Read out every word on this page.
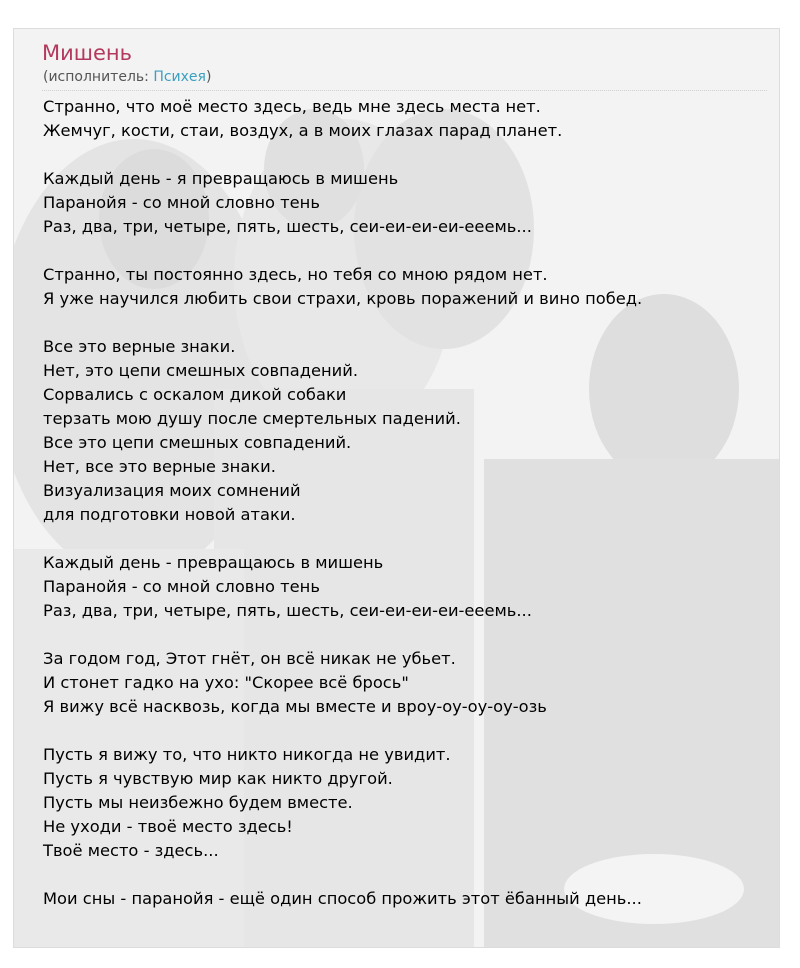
Мишень
(исполнитель: Психея)
Странно, что моё место здесь, ведь мне здесь места нет.
Жемчуг, кости, стаи, воздух, а в моих глазах парад планет.
Каждый день - я превращаюсь в мишень
Паранойя - со мной словно тень
Раз, два, три, четыре, пять, шесть, сеи-еи-еи-еи-ееемь...
Странно, ты постоянно здесь, но тебя со мною рядом нет.
Я уже научился любить свои страхи, кровь поражений и вино побед.
Все это верные знаки.
Нет, это цепи смешных совпадений.
Сорвались с оскалом дикой собаки
терзать мою душу после смертельных падений.
Все это цепи смешных совпадений.
Нет, все это верные знаки.
Визуализация моих сомнений
для подготовки новой атаки.
Каждый день - превращаюсь в мишень
Паранойя - со мной словно тень
Раз, два, три, четыре, пять, шесть, сеи-еи-еи-еи-ееемь...
За годом год, Этот гнёт, он всё никак не убьет.
И стонет гадко на ухо: "Скорее всё брось"
Я вижу всё насквозь, когда мы вместе и вроу-оу-оу-оу-озь
Пусть я вижу то, что никто никогда не увидит.
Пусть я чувствую мир как никто другой.
Пусть мы неизбежно будем вместе.
Не уходи - твоё место здесь!
Твоё место - здесь...
Мои сны - паранойя - ещё один способ прожить этот ёбанный день...
